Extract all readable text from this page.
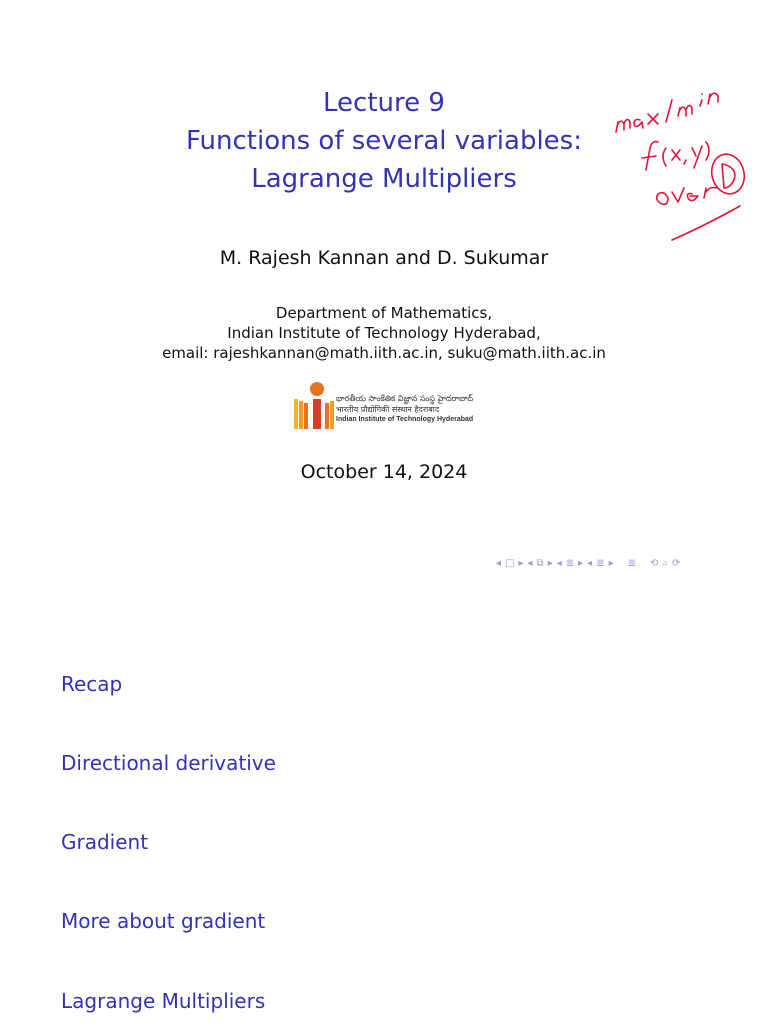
Lecture 9
Functions of several variables:
Lagrange Multipliers
M. Rajesh Kannan and D. Sukumar
Department of Mathematics,
Indian Institute of Technology Hyderabad,
email: rajeshkannan@math.iith.ac.in, suku@math.iith.ac.in
భారతీయ సాంకేతిక విజ్ఞాన సంస్థ హైదరాబాద్
भारतीय प्रौद्योगिकी संस्थान हैदराबाद
Indian Institute of Technology Hyderabad
October 14, 2024
◂ □ ▸ ◂ ⧉ ▸ ◂ ≣ ▸ ◂ ≣ ▸ ≣ ⟲ ⌕ ⟳
Recap
Directional derivative
Gradient
More about gradient
Lagrange Multipliers
